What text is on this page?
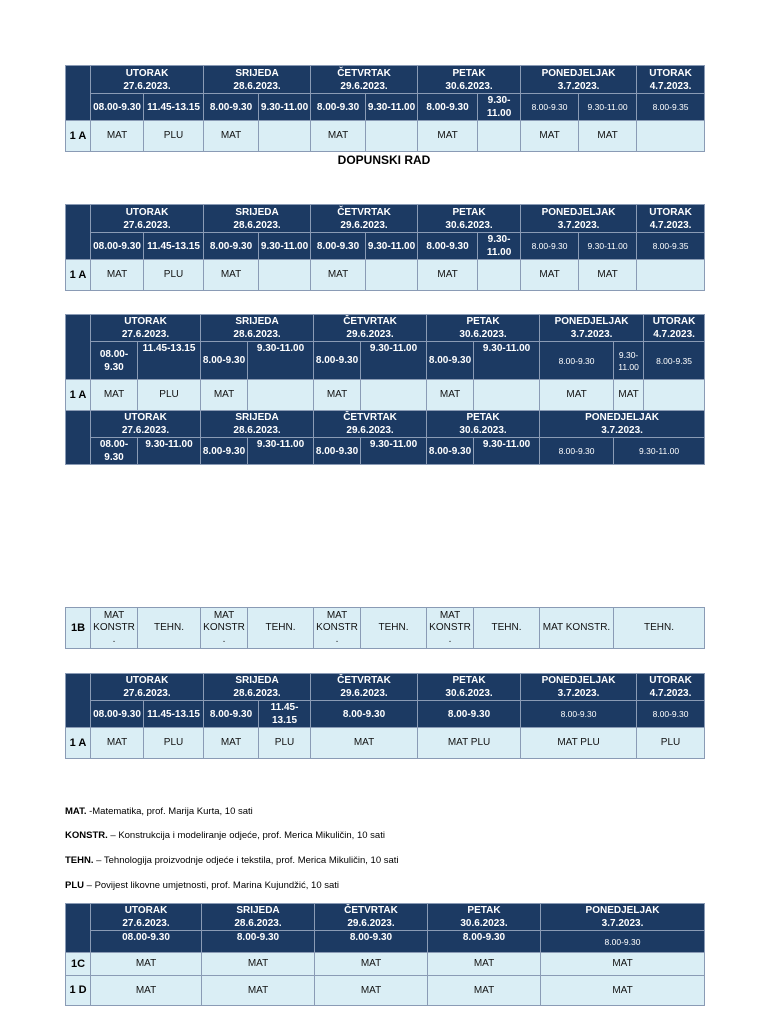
	UTORAK
27.6.2023.		SRIJEDA
28.6.2023.		ČETVRTAK
29.6.2023.		PETAK
30.6.2023.		PONEDJELJAK
3.7.2023.		UTORAK
4.7.2023.
	08.00-9.30	11.45-13.15	8.00-9.30	9.30-11.00	8.00-9.30	9.30-11.00	8.00-9.30	9.30-11.00	8.00-9.30	9.30-11.00	8.00-9.35
1 A	MAT	PLU	MAT		MAT		MAT		MAT	MAT	
DOPUNSKI RAD
	UTORAK
27.6.2023.		SRIJEDA
28.6.2023.		ČETVRTAK
29.6.2023.		PETAK
30.6.2023.		PONEDJELJAK
3.7.2023.		UTORAK
4.7.2023.
	08.00-9.30	11.45-13.15	8.00-9.30	9.30-11.00	8.00-9.30	9.30-11.00	8.00-9.30	9.30-11.00	8.00-9.30	9.30-11.00	8.00-9.35
1 A	MAT	PLU	MAT		MAT		MAT		MAT	MAT	
	UTORAK
27.6.2023.		SRIJEDA
28.6.2023.		ČETVRTAK
29.6.2023.		PETAK
30.6.2023.		PONEDJELJAK
3.7.2023.		UTORAK
4.7.2023.
	08.00-9.30	11.45-13.15	8.00-9.30	9.30-11.00	8.00-9.30	9.30-11.00	8.00-9.30	9.30-11.00	8.00-9.30	9.30-11.00	8.00-9.35
1 A	MAT	PLU	MAT		MAT		MAT		MAT	MAT	
	UTORAK
27.6.2023.		SRIJEDA
28.6.2023.		ČETVRTAK
29.6.2023.		PETAK
30.6.2023.		PONEDJELJAK
3.7.2023.		
	08.00-9.30	9.30-11.00	8.00-9.30	9.30-11.00	8.00-9.30	9.30-11.00	8.00-9.30	9.30-11.00	8.00-9.30	9.30-11.00	
1B	MAT KONSTR .	TEHN.	MAT KONSTR .	TEHN.	MAT KONSTR .	TEHN.	MAT KONSTR .	TEHN.	MAT KONSTR.	TEHN.
	UTORAK
27.6.2023.		SRIJEDA
28.6.2023.		ČETVRTAK
29.6.2023.	PETAK
30.6.2023.	PONEDJELJAK
3.7.2023.	UTORAK
4.7.2023.
	08.00-9.30	11.45-13.15	8.00-9.30	11.45-13.15	8.00-9.30	8.00-9.30	8.00-9.30	8.00-9.30
1 A	MAT	PLU	MAT	PLU	MAT	MAT PLU	MAT PLU	PLU
MAT. -Matematika, prof. Marija Kurta, 10 sati
KONSTR. – Konstrukcija i modeliranje odjeće, prof. Merica Mikuličin, 10 sati
TEHN. – Tehnologija proizvodnje odjeće i tekstila, prof. Merica Mikuličin, 10 sati
PLU – Povijest likovne umjetnosti, prof. Marina Kujundžić, 10 sati
	UTORAK
27.6.2023.	SRIJEDA
28.6.2023.	ČETVRTAK
29.6.2023.	PETAK
30.6.2023.	PONEDJELJAK
3.7.2023.
	08.00-9.30	8.00-9.30	8.00-9.30	8.00-9.30	8.00-9.30
1C	MAT	MAT	MAT	MAT	MAT
1 D	MAT	MAT	MAT	MAT	MAT
